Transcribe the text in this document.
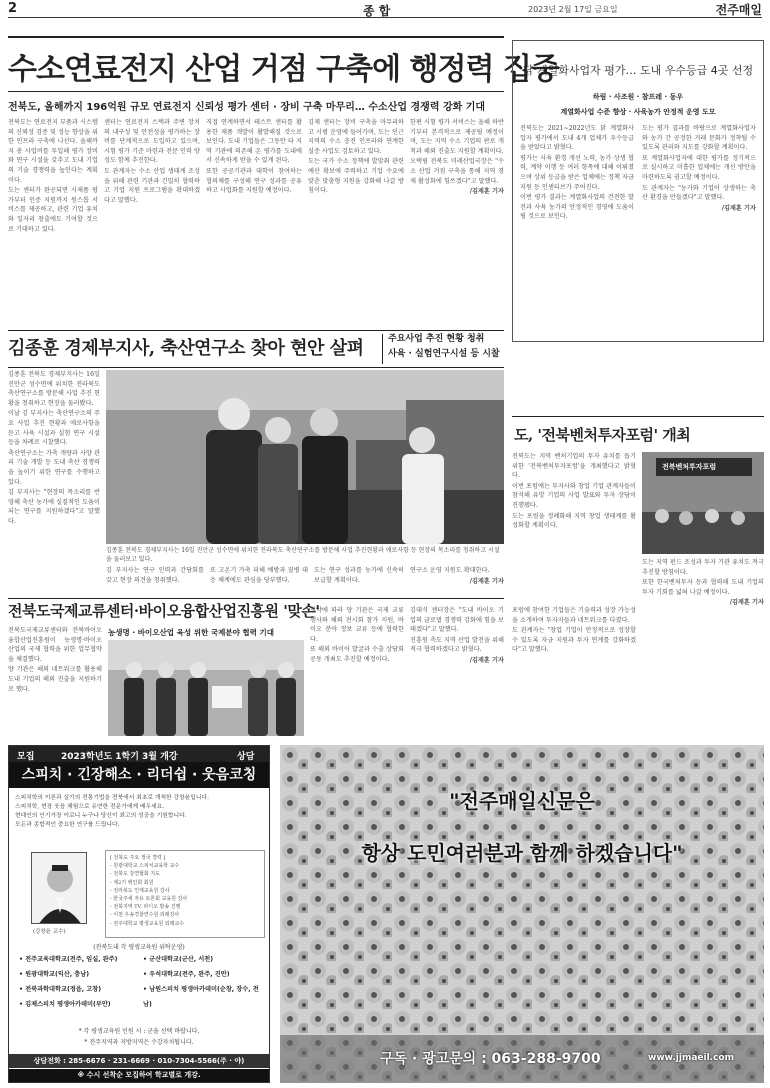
2	종 합	2023년 2월 17일 금요일	전주매일
수소연료전지 산업 거점 구축에 행정력 집중
전북도, 올해까지 196억원 규모 연료전지 신뢰성 평가 센터 · 장비 구축 마무리… 수소산업 경쟁력 강화 기대

전북도는 연료전지 부품과 시스템의 신뢰성 검증 및 성능 향상을 위한 인프라 구축에 나선다. 올해까지 총 사업비를 투입해 평가 장비와 연구 시설을 갖추고 도내 기업의 기술 경쟁력을 높인다는 계획이다.

도는 센터가 완공되면 시제품 평가부터 인증 지원까지 원스톱 서비스를 제공하고, 관련 기업 유치와 일자리 창출에도 기여할 것으로 기대하고 있다.

센터는 연료전지 스택과 주변 장치의 내구성 및 안전성을 평가하는 장비를 단계적으로 도입하고 있으며, 시험 평가 기준 마련과 전문 인력 양성도 함께 추진한다.

도 관계자는 수소 산업 생태계 조성을 위해 관련 기관과 긴밀히 협력하고 기업 지원 프로그램을 확대하겠다고 말했다.

직접 연계하면서 테스트 센터를 활용한 제품 개발이 활발해질 것으로 보인다. 도내 기업들은 그동안 타 지역 기관에 의존해 온 평가를 도내에서 신속하게 받을 수 있게 된다.

또한 공공기관과 대학이 참여하는 협의체를 구성해 연구 성과를 공유하고 사업화를 지원할 예정이다.

김제 센터는 장비 구축을 마무리하고 시범 운영에 들어가며, 도는 인근 지역의 수소 충전 인프라와 연계한 실증 사업도 검토하고 있다.

도는 국가 수소 정책에 발맞춰 관련 예산 확보에 주력하고 기업 수요에 맞춘 맞춤형 지원을 강화해 나갈 방침이다.

한편 시험 평가 서비스는 올해 하반기부터 본격적으로 제공될 예정이며, 도는 지역 수소 기업의 판로 개척과 해외 진출도 지원할 계획이다.

오택림 전북도 미래산업국장은 "수소 산업 거점 구축을 통해 지역 경제 활성화에 힘쓰겠다"고 말했다.

/김재훈 기자
닭 계열화사업자 평가… 도내 우수등급 4곳 선정
하림 · 사조원 · 참프레 · 동우
계열화사업 수준 향상 · 사육농가 안정적 운영 도모

전북도는 2021~2022년도 닭 계열화사업자 평가에서 도내 4개 업체가 우수등급을 받았다고 밝혔다.

평가는 사육 환경 개선 노력, 농가 상생 협력, 계약 이행 등 여러 항목에 대해 이뤄졌으며 상위 등급을 받은 업체에는 정책 자금 지원 등 인센티브가 주어진다.

이번 평가 결과는 계열화사업의 건전한 발전과 사육 농가의 안정적인 경영에 도움이 될 것으로 보인다.

도는 평가 결과를 바탕으로 계열화사업자와 농가 간 공정한 거래 문화가 정착될 수 있도록 관리와 지도를 강화할 계획이다.

또 계열화사업자에 대한 평가를 정기적으로 실시하고 미흡한 업체에는 개선 방안을 마련하도록 권고할 예정이다.

도 관계자는 "농가와 기업이 상생하는 축산 환경을 만들겠다"고 말했다.

/김재훈 기자
김종훈 경제부지사, 축산연구소 찾아 현안 살펴	주요사업 추진 현황 청취
사육 · 실험연구시설 등 시찰

김종훈 전북도 경제부지사는 16일 진안군 성수면에 위치한 전라북도 축산연구소를 방문해 사업 추진 현황을 청취하고 현장을 둘러봤다.

이날 김 부지사는 축산연구소의 주요 사업 추진 현황과 애로사항을 듣고 사육 시설과 실험 연구 시설 등을 차례로 시찰했다.

축산연구소는 가축 개량과 사양 관리 기술 개발 등 도내 축산 경쟁력을 높이기 위한 연구를 수행하고 있다.

김 부지사는 "현장의 목소리를 반영해 축산 농가에 실질적인 도움이 되는 연구를 지원하겠다"고 말했다.

김종훈 전북도 경제부지사는 16일 진안군 성수면에 위치한 전라북도 축산연구소를 방문해 사업 추진현황과 애로사항 등 현장의 목소리를 청취하고 시설을 둘러보고 있다.

김 부지사는 연구 인력과 간담회를 갖고 현장 의견을 청취했다.

또 고온기 가축 피해 예방과 질병 대응 체계에도 관심을 당부했다.

도는 연구 성과를 농가에 신속히 보급할 계획이다.

연구소 운영 지원도 확대한다.

/김재훈 기자
도, '전북벤처투자포럼' 개최

전북도는 지역 벤처기업의 투자 유치를 돕기 위한 '전북벤처투자포럼'을 개최했다고 밝혔다.

이번 포럼에는 투자사와 창업 기업 관계자들이 참석해 유망 기업의 사업 발표와 투자 상담이 진행됐다.

도는 포럼을 정례화해 지역 창업 생태계를 활성화할 계획이다.

전북벤처투자포럼

포럼에 참여한 기업들은 기술력과 성장 가능성을 소개하며 투자자들과 네트워크를 다졌다.

도 관계자는 "창업 기업이 안정적으로 성장할 수 있도록 자금 지원과 투자 연계를 강화하겠다"고 말했다.

도는 지역 펀드 조성과 투자 기관 유치도 적극 추진할 방침이다.

또한 한국벤처투자 등과 협력해 도내 기업의 투자 기회를 넓혀 나갈 예정이다.

/김재훈 기자
전북도국제교류센터·바이오융합산업진흥원 '맞손'
농생명 · 바이오산업 육성 위한 국제분야 협력 기대

전북도국제교류센터와 전북바이오융합산업진흥원이 농생명·바이오 산업의 국제 협력을 위한 업무협약을 체결했다.

양 기관은 해외 네트워크를 활용해 도내 기업의 해외 진출을 지원하기로 했다.

협약에 따라 양 기관은 국제 교류 행사와 해외 전시회 참가 지원, 바이오 분야 정보 교류 등에 협력한다.

또 해외 바이어 발굴과 수출 상담회 공동 개최도 추진할 예정이다.

김대식 센터장은 "도내 바이오 기업의 글로벌 경쟁력 강화에 힘을 보태겠다"고 말했다.

진흥원 측도 지역 산업 발전을 위해 적극 협력하겠다고 밝혔다.

/김재훈 기자
모집	2023학년도 1학기 3월 개강	상담
스피치 · 긴장해소 · 리더쉽 · 웃음코칭
스피치학의 이론과 실기의 전통기법을 전북에서 최초로 개척한 강창윤입니다.
스피치학, 현장 웃음 체험으로 유연한 전문가에게 배우세요.
현대인의 인기가장 이로니 누구나 당신이 최고의 성공을 기원합니다.
모든과 종합적인 중요한 연구를 드립니다.
(강창윤 교수)
[ 전북도 주요 정국 경력 ]
- 원광대학교 스피치교육학 교수
- 전북도 강연협회 지도
- 제2기 백인회 회원
- 전라북도 인재교육원 강사
- 한국주세 자유 토론회 교육원 강사
- 전북지역 TV. 라디오 방송 진행
- 이천 우송경찰연수원 외래강사
- 전주대학교 평생교육원 외래교수
(전북도내 각 평생교육원 위탁운영)
• 전주교육대학교(전주, 임실, 완주)
• 원광대학교(익산, 충남)
• 전북과학대학교(정읍, 고창)
• 김제스피치 평생아카데미(부안)
• 군산대학교(군산, 서천)
• 우석대학교(전주, 완주, 진안)
• 남원스피치 평생아카데미(순창, 장수, 전남)
* 각 평생교육원 인원 시 : 군을 선택 바랍니다.
* 전주지역과 지방지역은 수강자치됩니다.
상담전화 : 285-6676 · 231-6669 · 010-7304-5566(주 · 야)
※ 수시 선착순 모집하여 학교별로 개강.
"전주매일신문은
항상 도민여러분과 함께 하겠습니다"
구독 · 광고문의 : 063-288-9700	www.jjmaeil.com
